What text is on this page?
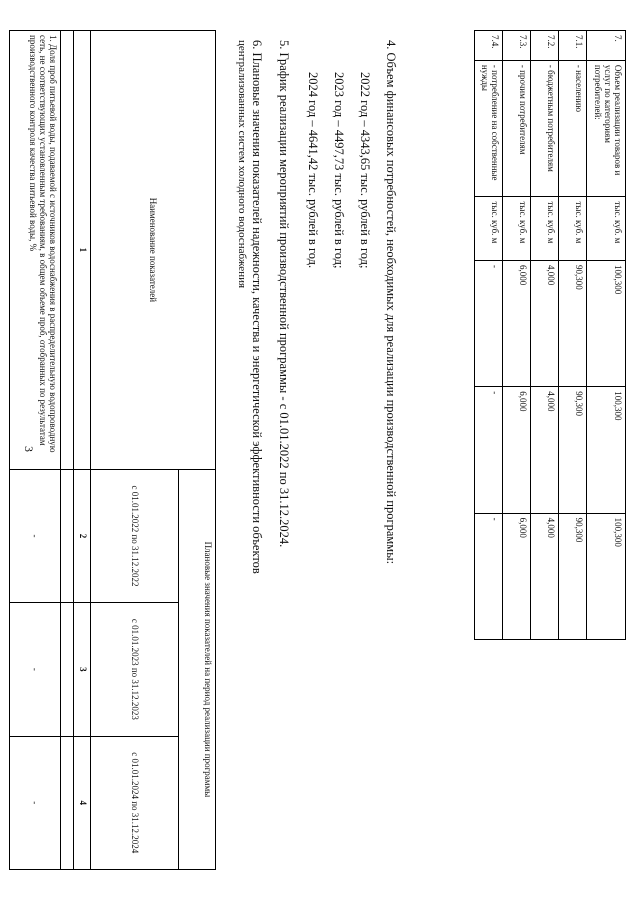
3
7.	Объем реализации товаров и услуг по категориям потребителей:	тыс. куб. м	100,300	100,300	100,300
7.1.	- населению	тыс. куб. м	90,300	90,300	90,300
7.2.	- бюджетным потребителям	тыс. куб. м	4,000	4,000	4,000
7.3.	- прочим потребителям	тыс. куб. м	6,000	6,000	6,000
7.4.	- потребление на собственные нужды	тыс. куб. м	-	-	-
4. Объем финансовых потребностей, необходимых для реализации производственной программы:
2022 год – 4343,65 тыс. рублей в год;
2023 год – 4497,73 тыс. рублей в год;
2024 год – 4641,42 тыс. рублей в год.
5. График реализации мероприятий производственной программы - с 01.01.2022 по 31.12.2024.
6. Плановые значения показателей надежности, качества и энергетической эффективности объектов
централизованных систем холодного водоснабжения
Наименование показателей	Плановые значения показателей на период реализации программы		
	с 01.01.2022 по 31.12.2022	с 01.01.2023 по 31.12.2023	с 01.01.2024 по 31.12.2024
1	2	3	4

1. Доля проб питьевой воды, подаваемой с источников водоснабжения в распределительную водопроводную сеть, не соответствующих установленным требованиям, в общем объеме проб, отобранных по результатам производственного контроля качества питьевой воды, %	-	-	-
